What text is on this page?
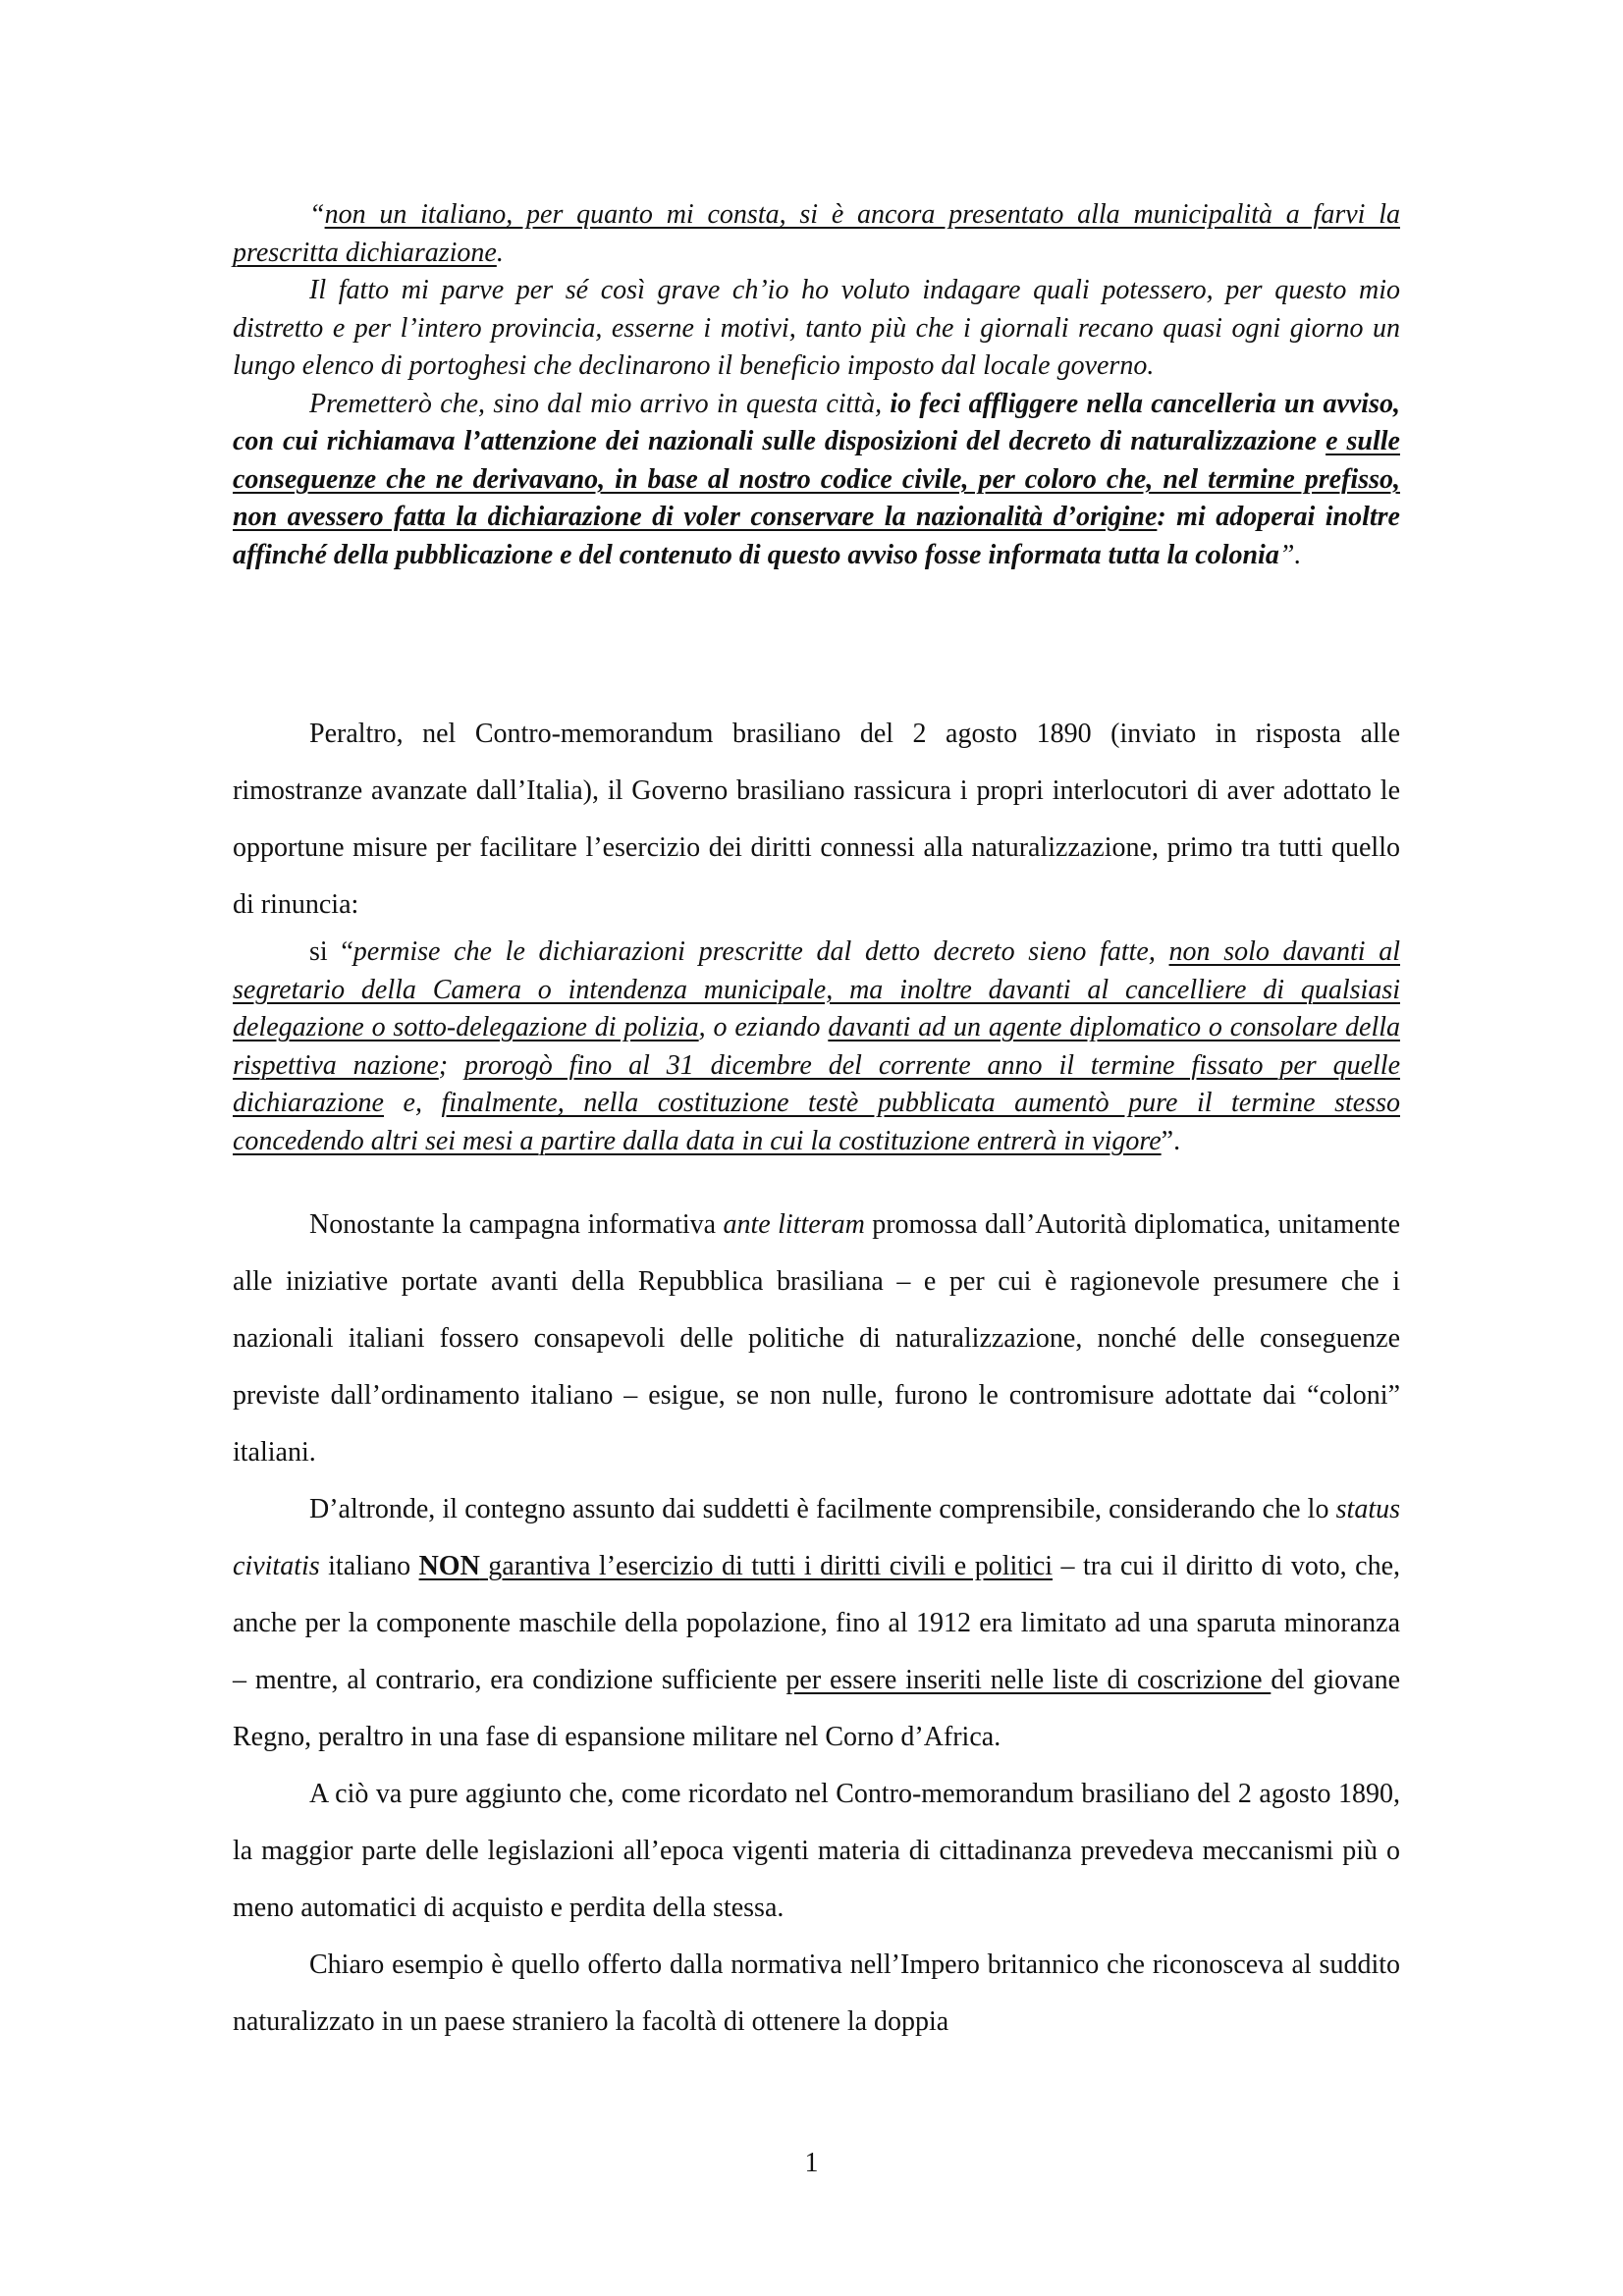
“non un italiano, per quanto mi consta, si è ancora presentato alla municipalità a farvi la prescritta dichiarazione.

Il fatto mi parve per sé così grave ch’io ho voluto indagare quali potessero, per questo mio distretto e per l’intero provincia, esserne i motivi, tanto più che i giornali recano quasi ogni giorno un lungo elenco di portoghesi che declinarono il beneficio imposto dal locale governo.

Premetterò che, sino dal mio arrivo in questa città, io feci affliggere nella cancelleria un avviso, con cui richiamava l’attenzione dei nazionali sulle disposizioni del decreto di naturalizzazione e sulle conseguenze che ne derivavano, in base al nostro codice civile, per coloro che, nel termine prefisso, non avessero fatta la dichiarazione di voler conservare la nazionalità d’origine: mi adoperai inoltre affinché della pubblicazione e del contenuto di questo avviso fosse informata tutta la colonia”.

Peraltro, nel Contro-memorandum brasiliano del 2 agosto 1890 (inviato in risposta alle rimostranze avanzate dall’Italia), il Governo brasiliano rassicura i propri interlocutori di aver adottato le opportune misure per facilitare l’esercizio dei diritti connessi alla naturalizzazione, primo tra tutti quello di rinuncia:

si “permise che le dichiarazioni prescritte dal detto decreto sieno fatte, non solo davanti al segretario della Camera o intendenza municipale, ma inoltre davanti al cancelliere di qualsiasi delegazione o sotto-delegazione di polizia, o eziando davanti ad un agente diplomatico o consolare della rispettiva nazione; prorogò fino al 31 dicembre del corrente anno il termine fissato per quelle dichiarazione e, finalmente, nella costituzione testè pubblicata aumentò pure il termine stesso concedendo altri sei mesi a partire dalla data in cui la costituzione entrerà in vigore”.

Nonostante la campagna informativa ante litteram promossa dall’Autorità diplomatica, unitamente alle iniziative portate avanti della Repubblica brasiliana – e per cui è ragionevole presumere che i nazionali italiani fossero consapevoli delle politiche di naturalizzazione, nonché delle conseguenze previste dall’ordinamento italiano – esigue, se non nulle, furono le contromisure adottate dai “coloni” italiani.

D’altronde, il contegno assunto dai suddetti è facilmente comprensibile, considerando che lo status civitatis italiano NON garantiva l’esercizio di tutti i diritti civili e politici – tra cui il diritto di voto, che, anche per la componente maschile della popolazione, fino al 1912 era limitato ad una sparuta minoranza – mentre, al contrario, era condizione sufficiente per essere inseriti nelle liste di coscrizione del giovane Regno, peraltro in una fase di espansione militare nel Corno d’Africa.

A ciò va pure aggiunto che, come ricordato nel Contro-memorandum brasiliano del 2 agosto 1890, la maggior parte delle legislazioni all’epoca vigenti materia di cittadinanza prevedeva meccanismi più o meno automatici di acquisto e perdita della stessa.

Chiaro esempio è quello offerto dalla normativa nell’Impero britannico che riconosceva al suddito naturalizzato in un paese straniero la facoltà di ottenere la doppia

1
